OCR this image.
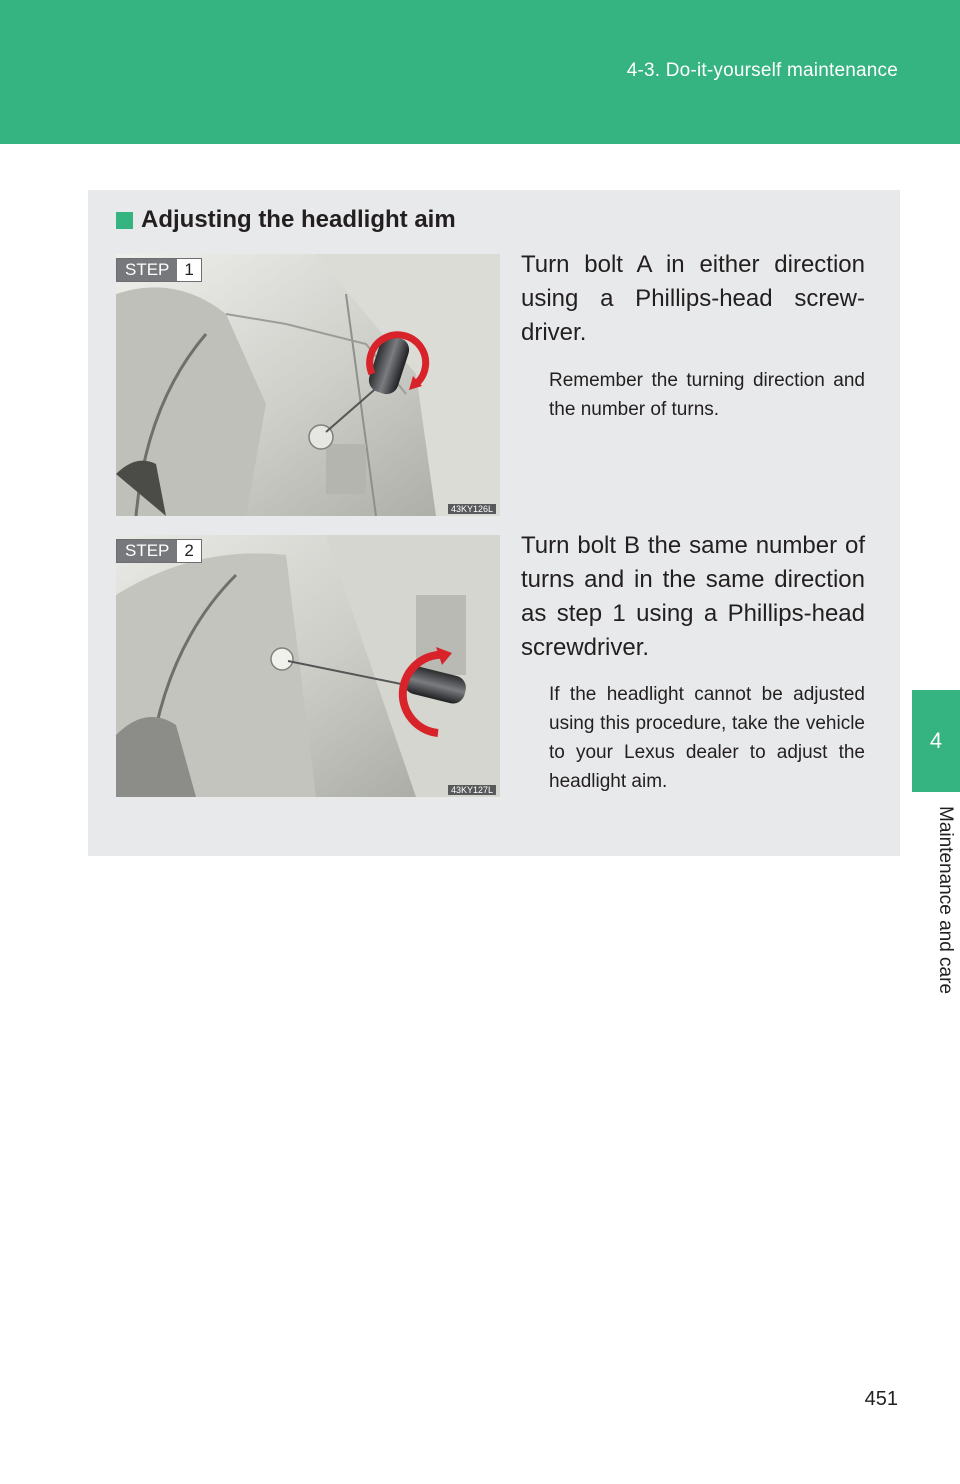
4-3. Do-it-yourself maintenance
4
Maintenance and care
Adjusting the headlight aim
STEP 1
43KY126L
Turn bolt A in either direction using a Phillips-head screw- driver.
Remember the turning direction and the number of turns.
STEP 2
43KY127L
Turn bolt B the same number of turns and in the same direction as step 1 using a Phillips-head screwdriver.
If the headlight cannot be adjusted using this procedure, take the vehicle to your Lexus dealer to adjust the headlight aim.
451
